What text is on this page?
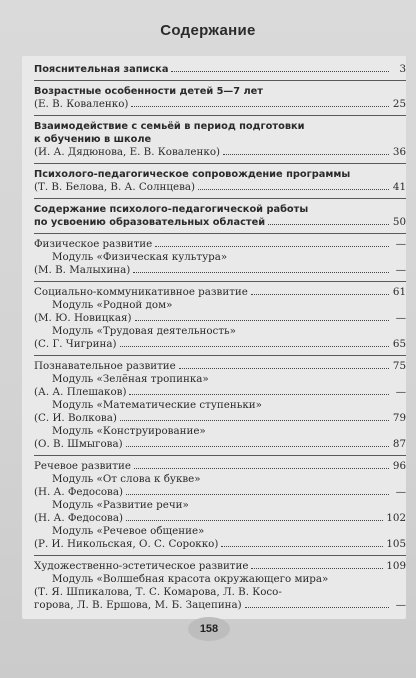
Содержание
Пояснительная записка	3
Возрастные особенности детей 5—7 лет
(Е. В. Коваленко)	25
Взаимодействие с семьёй в период подготовки
к обучению в школе
(И. А. Дядюнова, Е. В. Коваленко)	36
Психолого-педагогическое сопровождение программы
(Т. В. Белова, В. А. Солнцева)	41
Содержание психолого-педагогической работы
по усвоению образовательных областей	50
Физическое развитие	—
Модуль «Физическая культура»
(М. В. Малыхина)	—
Социально-коммуникативное развитие	61
Модуль «Родной дом»
(М. Ю. Новицкая)	—
Модуль «Трудовая деятельность»
(С. Г. Чигрина)	65
Познавательное развитие	75
Модуль «Зелёная тропинка»
(А. А. Плешаков)	—
Модуль «Математические ступеньки»
(С. И. Волкова)	79
Модуль «Конструирование»
(О. В. Шмыгова)	87
Речевое развитие	96
Модуль «От слова к букве»
(Н. А. Федосова)	—
Модуль «Развитие речи»
(Н. А. Федосова)	102
Модуль «Речевое общение»
(Р. И. Никольская, О. С. Сорокко)	105
Художественно-эстетическое развитие	109
Модуль «Волшебная красота окружающего мира»
(Т. Я. Шпикалова, Т. С. Комарова, Л. В. Косо-
горова, Л. В. Ершова, М. Б. Зацепина)	—
158
